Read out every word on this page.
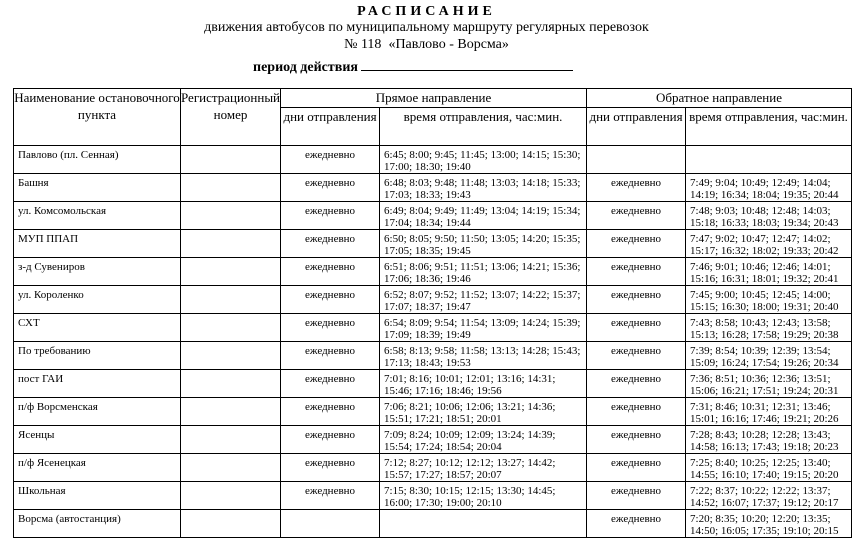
РАСПИСАНИЕ
движения автобусов по муниципальному маршруту регулярных перевозок
№ 118 «Павлово - Ворсма»
период действия
Наименование остановочного пункта	Регистрационный номер	Прямое направление		Обратное направление	
		дни отправления	время отправления, час:мин.	дни отправления	время отправления, час:мин.
Павлово (пл. Сенная)		ежедневно	6:45; 8:00; 9:45; 11:45; 13:00; 14:15; 15:30; 17:00; 18:30; 19:40		
Башня		ежедневно	6:48; 8:03; 9:48; 11:48; 13:03; 14:18; 15:33; 17:03; 18:33; 19:43	ежедневно	7:49; 9:04; 10:49; 12:49; 14:04; 14:19; 16:34; 18:04; 19:35; 20:44
ул. Комсомольская		ежедневно	6:49; 8:04; 9:49; 11:49; 13:04; 14:19; 15:34; 17:04; 18:34; 19:44	ежедневно	7:48; 9:03; 10:48; 12:48; 14:03; 15:18; 16:33; 18:03; 19:34; 20:43
МУП ППАП		ежедневно	6:50; 8:05; 9:50; 11:50; 13:05; 14:20; 15:35; 17:05; 18:35; 19:45	ежедневно	7:47; 9:02; 10:47; 12:47; 14:02; 15:17; 16:32; 18:02; 19:33; 20:42
з-д Сувениров		ежедневно	6:51; 8:06; 9:51; 11:51; 13:06; 14:21; 15:36; 17:06; 18:36; 19:46	ежедневно	7:46; 9:01; 10:46; 12:46; 14:01; 15:16; 16:31; 18:01; 19:32; 20:41
ул. Короленко		ежедневно	6:52; 8:07; 9:52; 11:52; 13:07; 14:22; 15:37; 17:07; 18:37; 19:47	ежедневно	7:45; 9:00; 10:45; 12:45; 14:00; 15:15; 16:30; 18:00; 19:31; 20:40
СХТ		ежедневно	6:54; 8:09; 9:54; 11:54; 13:09; 14:24; 15:39; 17:09; 18:39; 19:49	ежедневно	7:43; 8:58; 10:43; 12:43; 13:58; 15:13; 16:28; 17:58; 19:29; 20:38
По требованию		ежедневно	6:58; 8:13; 9:58; 11:58; 13:13; 14:28; 15:43; 17:13; 18:43; 19:53	ежедневно	7:39; 8:54; 10:39; 12:39; 13:54; 15:09; 16:24; 17:54; 19:26; 20:34
пост ГАИ		ежедневно	7:01; 8:16; 10:01; 12:01; 13:16; 14:31; 15:46; 17:16; 18:46; 19:56	ежедневно	7:36; 8:51; 10:36; 12:36; 13:51; 15:06; 16:21; 17:51; 19:24; 20:31
п/ф Ворсменская		ежедневно	7:06; 8:21; 10:06; 12:06; 13:21; 14:36; 15:51; 17:21; 18:51; 20:01	ежедневно	7:31; 8:46; 10:31; 12:31; 13:46; 15:01; 16:16; 17:46; 19:21; 20:26
Ясенцы		ежедневно	7:09; 8:24; 10:09; 12:09; 13:24; 14:39; 15:54; 17:24; 18:54; 20:04	ежедневно	7:28; 8:43; 10:28; 12:28; 13:43; 14:58; 16:13; 17:43; 19:18; 20:23
п/ф Ясенецкая		ежедневно	7:12; 8:27; 10:12; 12:12; 13:27; 14:42; 15:57; 17:27; 18:57; 20:07	ежедневно	7:25; 8:40; 10:25; 12:25; 13:40; 14:55; 16:10; 17:40; 19:15; 20:20
Школьная		ежедневно	7:15; 8:30; 10:15; 12:15; 13:30; 14:45; 16:00; 17:30; 19:00; 20:10	ежедневно	7:22; 8:37; 10:22; 12:22; 13:37; 14:52; 16:07; 17:37; 19:12; 20:17
Ворсма (автостанция)				ежедневно	7:20; 8:35; 10:20; 12:20; 13:35; 14:50; 16:05; 17:35; 19:10; 20:15
